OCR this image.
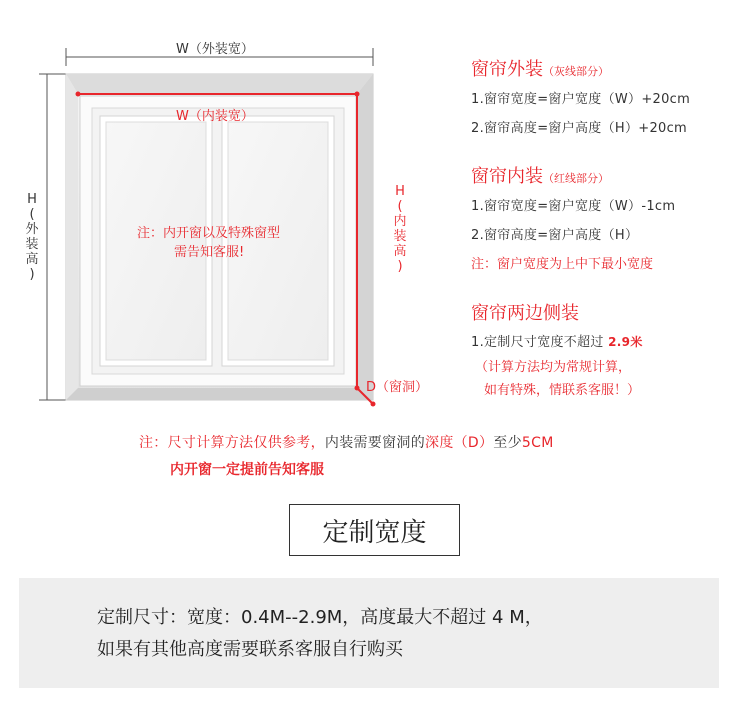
W（外装宽）
W（内装宽）
H
(
外
装
高
)
H
(
内
装
高
)
D（窗洞）
注：内开窗以及特殊窗型
需告知客服!
窗帘外装（灰线部分）
1.窗帘宽度=窗户宽度（W）+20cm
2.窗帘高度=窗户高度（H）+20cm
窗帘内装（红线部分）
1.窗帘宽度=窗户宽度（W）-1cm
2.窗帘高度=窗户高度（H）
注：窗户宽度为上中下最小宽度
窗帘两边侧装
1.定制尺寸宽度不超过 2.9米
（计算方法均为常规计算，
如有特殊，情联系客服！）
注：尺寸计算方法仅供参考，内装需要窗洞的深度（D）至少5CM
内开窗一定提前告知客服
定制宽度
定制尺寸：宽度：0.4M--2.9M，高度最大不超过 4 M，
如果有其他高度需要联系客服自行购买
